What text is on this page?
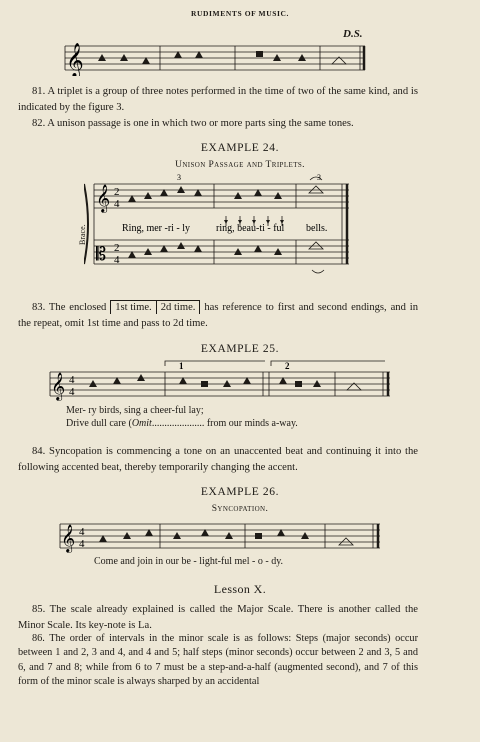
RUDIMENTS OF MUSIC.
D.S.
𝄞
81. A triplet is a group of three notes performed in the time of two of the same kind, and is indicated by the figure 3.
82. A unison passage is one in which two or more parts sing the same tones.
EXAMPLE 24.
Unison Passage and Triplets.
Brace.
𝄞
𝄡
2
4
2
4
3	3
Ring, mer -ri - ly	ring, beau-ti - ful bells.
83. The enclosed 1st time. 2d time. has reference to first and second endings, and in the repeat, omit 1st time and pass to 2d time.
EXAMPLE 25.
1	2
𝄞 4
4
Mer- ry birds, sing a cheer-ful lay;
Drive dull care (Omit..................... from our minds a-way.
84. Syncopation is commencing a tone on an unaccented beat and continuing it into the following accented beat, thereby temporarily changing the accent.
EXAMPLE 26.
Syncopation.
𝄞 4
4
Come and join in our be - light-ful mel - o - dy.
Lesson X.
85. The scale already explained is called the Major Scale. There is another called the Minor Scale. Its key-note is La.
86. The order of intervals in the minor scale is as follows: Steps (major seconds) occur between 1 and 2, 3 and 4, and 4 and 5; half steps (minor seconds) occur between 2 and 3, 5 and 6, and 7 and 8; while from 6 to 7 must be a step-and-a-half (augmented second), and 7 of this form of the minor scale is always sharped by an accidental
